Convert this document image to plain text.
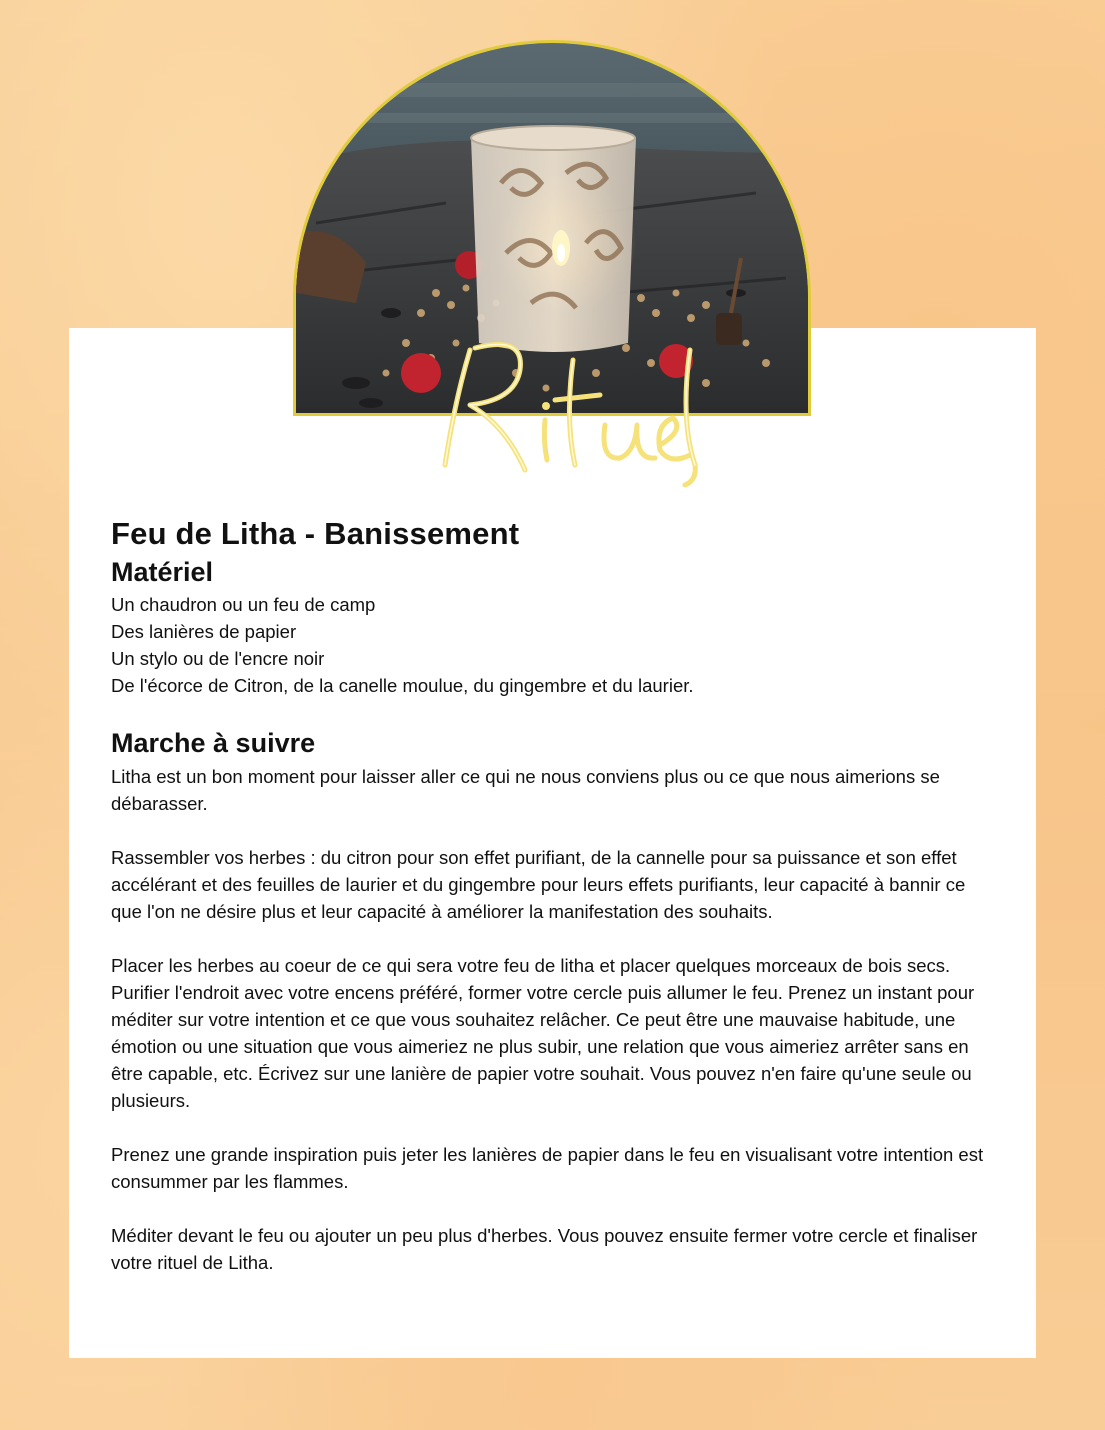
Feu de Litha - Banissement
Matériel

Un chaudron ou un feu de camp

Des lanières de papier

Un stylo ou de l'encre noir

De l'écorce de Citron, de la canelle moulue, du gingembre et du laurier.

Marche à suivre

Litha est un bon moment pour laisser aller ce qui ne nous conviens plus ou ce que nous aimerions se débarasser.

Rassembler vos herbes : du citron pour son effet purifiant, de la cannelle pour sa puissance et son effet accélérant et des feuilles de laurier et du gingembre pour leurs effets purifiants, leur capacité à bannir ce que l'on ne désire plus et leur capacité à améliorer la manifestation des souhaits.

Placer les herbes au coeur de ce qui sera votre feu de litha et placer quelques morceaux de bois secs. Purifier l'endroit avec votre encens préféré, former votre cercle puis allumer le feu. Prenez un instant pour méditer sur votre intention et ce que vous souhaitez relâcher. Ce peut être une mauvaise habitude, une émotion ou une situation que vous aimeriez ne plus subir, une relation que vous aimeriez arrêter sans en être capable, etc. Écrivez sur une lanière de papier votre souhait. Vous pouvez n'en faire qu'une seule ou plusieurs.

Prenez une grande inspiration puis jeter les lanières de papier dans le feu en visualisant votre intention est consummer par les flammes.

Méditer devant le feu ou ajouter un peu plus d'herbes. Vous pouvez ensuite fermer votre cercle et finaliser votre rituel de Litha.
